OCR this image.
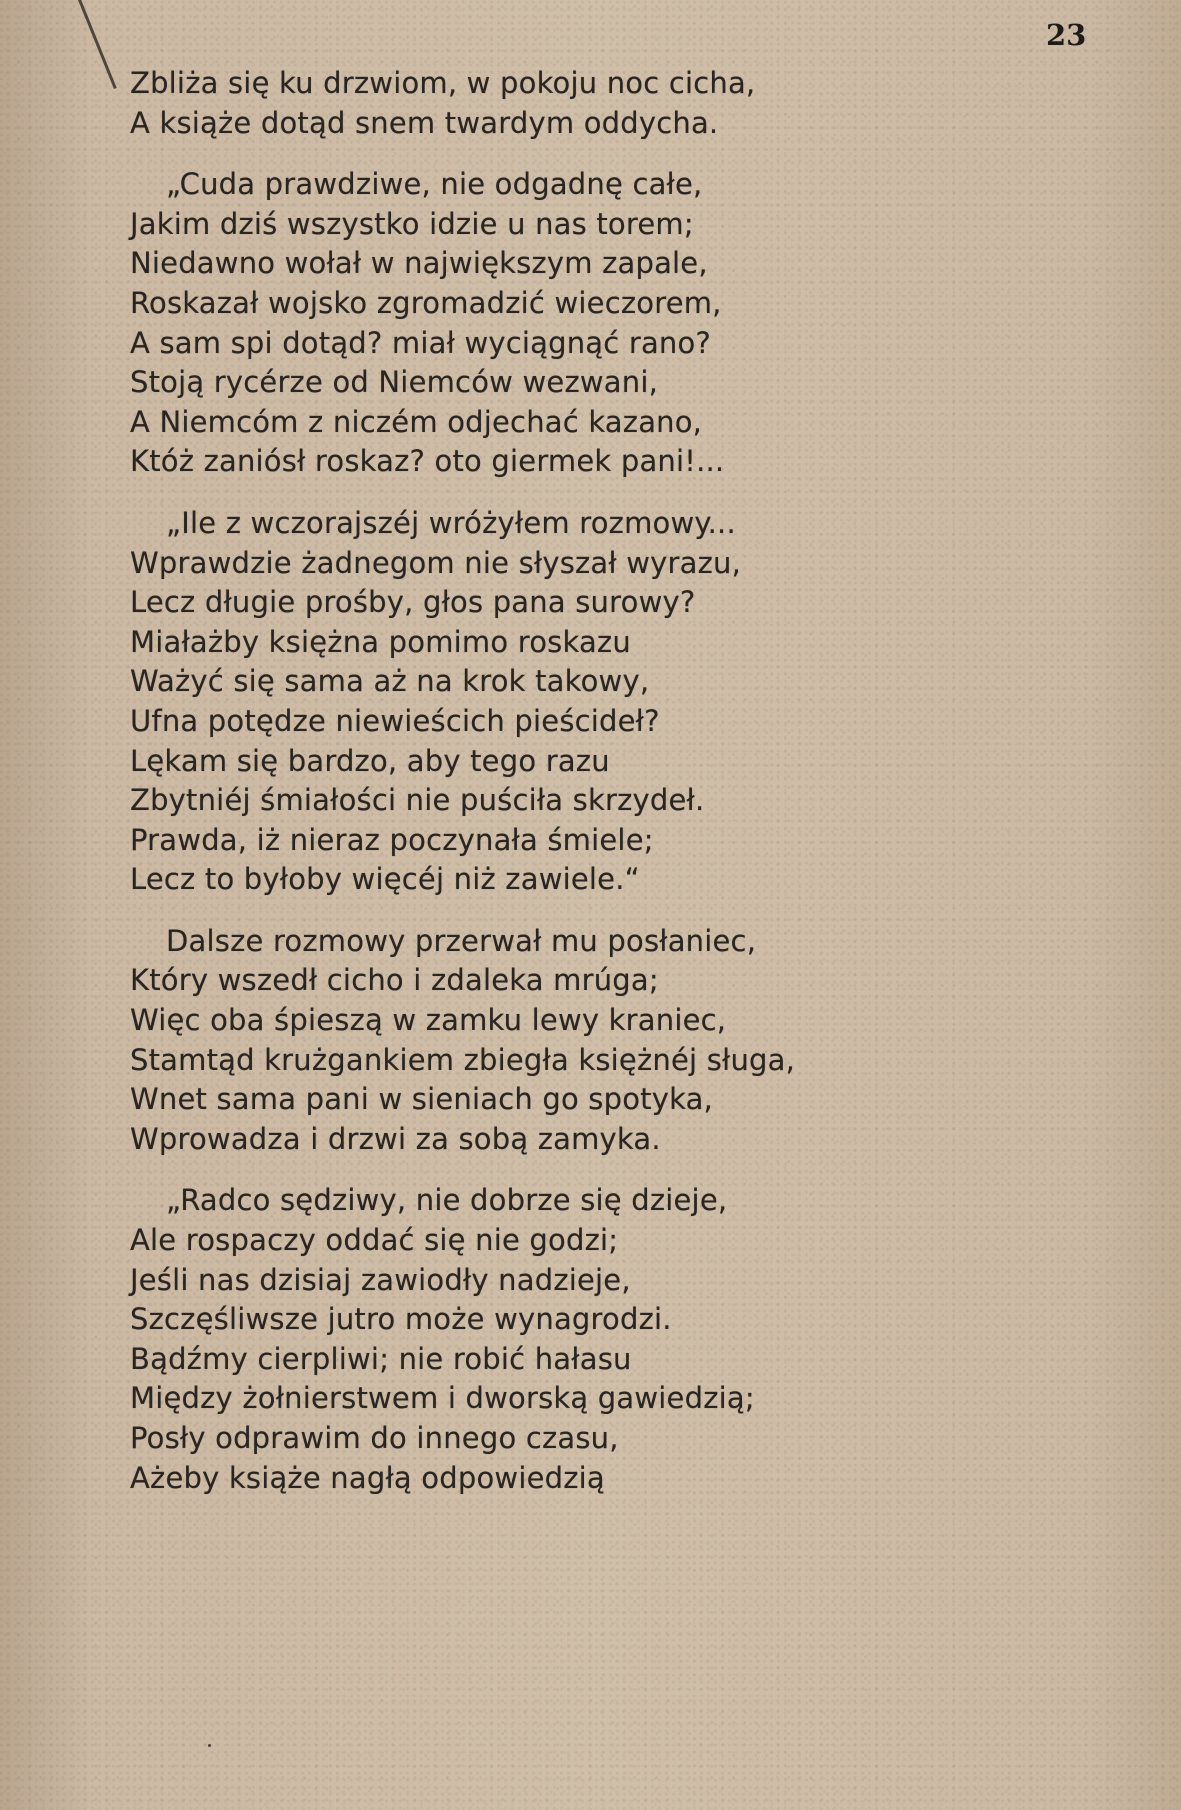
23
Zbliża się ku drzwiom, w pokoju noc cicha,
A książe dotąd snem twardym oddycha.
„Cuda prawdziwe, nie odgadnę całe,
Jakim dziś wszystko idzie u nas torem;
Niedawno wołał w największym zapale,
Roskazał wojsko zgromadzić wieczorem,
A sam spi dotąd? miał wyciągnąć rano?
Stoją rycérze od Niemców wezwani,
A Niemcóm z niczém odjechać kazano,
Któż zaniósł roskaz? oto giermek pani!...
„Ile z wczorajszéj wróżyłem rozmowy...
Wprawdzie żadnegom nie słyszał wyrazu,
Lecz długie prośby, głos pana surowy?
Miałażby księżna pomimo roskazu
Ważyć się sama aż na krok takowy,
Ufna potędze niewieścich pieścideł?
Lękam się bardzo, aby tego razu
Zbytniéj śmiałości nie puściła skrzydeł.
Prawda, iż nieraz poczynała śmiele;
Lecz to byłoby więcéj niż zawiele.“
Dalsze rozmowy przerwał mu posłaniec,
Który wszedł cicho i zdaleka mrúga;
Więc oba śpieszą w zamku lewy kraniec,
Stamtąd krużgankiem zbiegła księżnéj sługa,
Wnet sama pani w sieniach go spotyka,
Wprowadza i drzwi za sobą zamyka.
„Radco sędziwy, nie dobrze się dzieje,
Ale rospaczy oddać się nie godzi;
Jeśli nas dzisiaj zawiodły nadzieje,
Szczęśliwsze jutro może wynagrodzi.
Bądźmy cierpliwi; nie robić hałasu
Między żołnierstwem i dworską gawiedzią;
Posły odprawim do innego czasu,
Ażeby książe nagłą odpowiedzią
